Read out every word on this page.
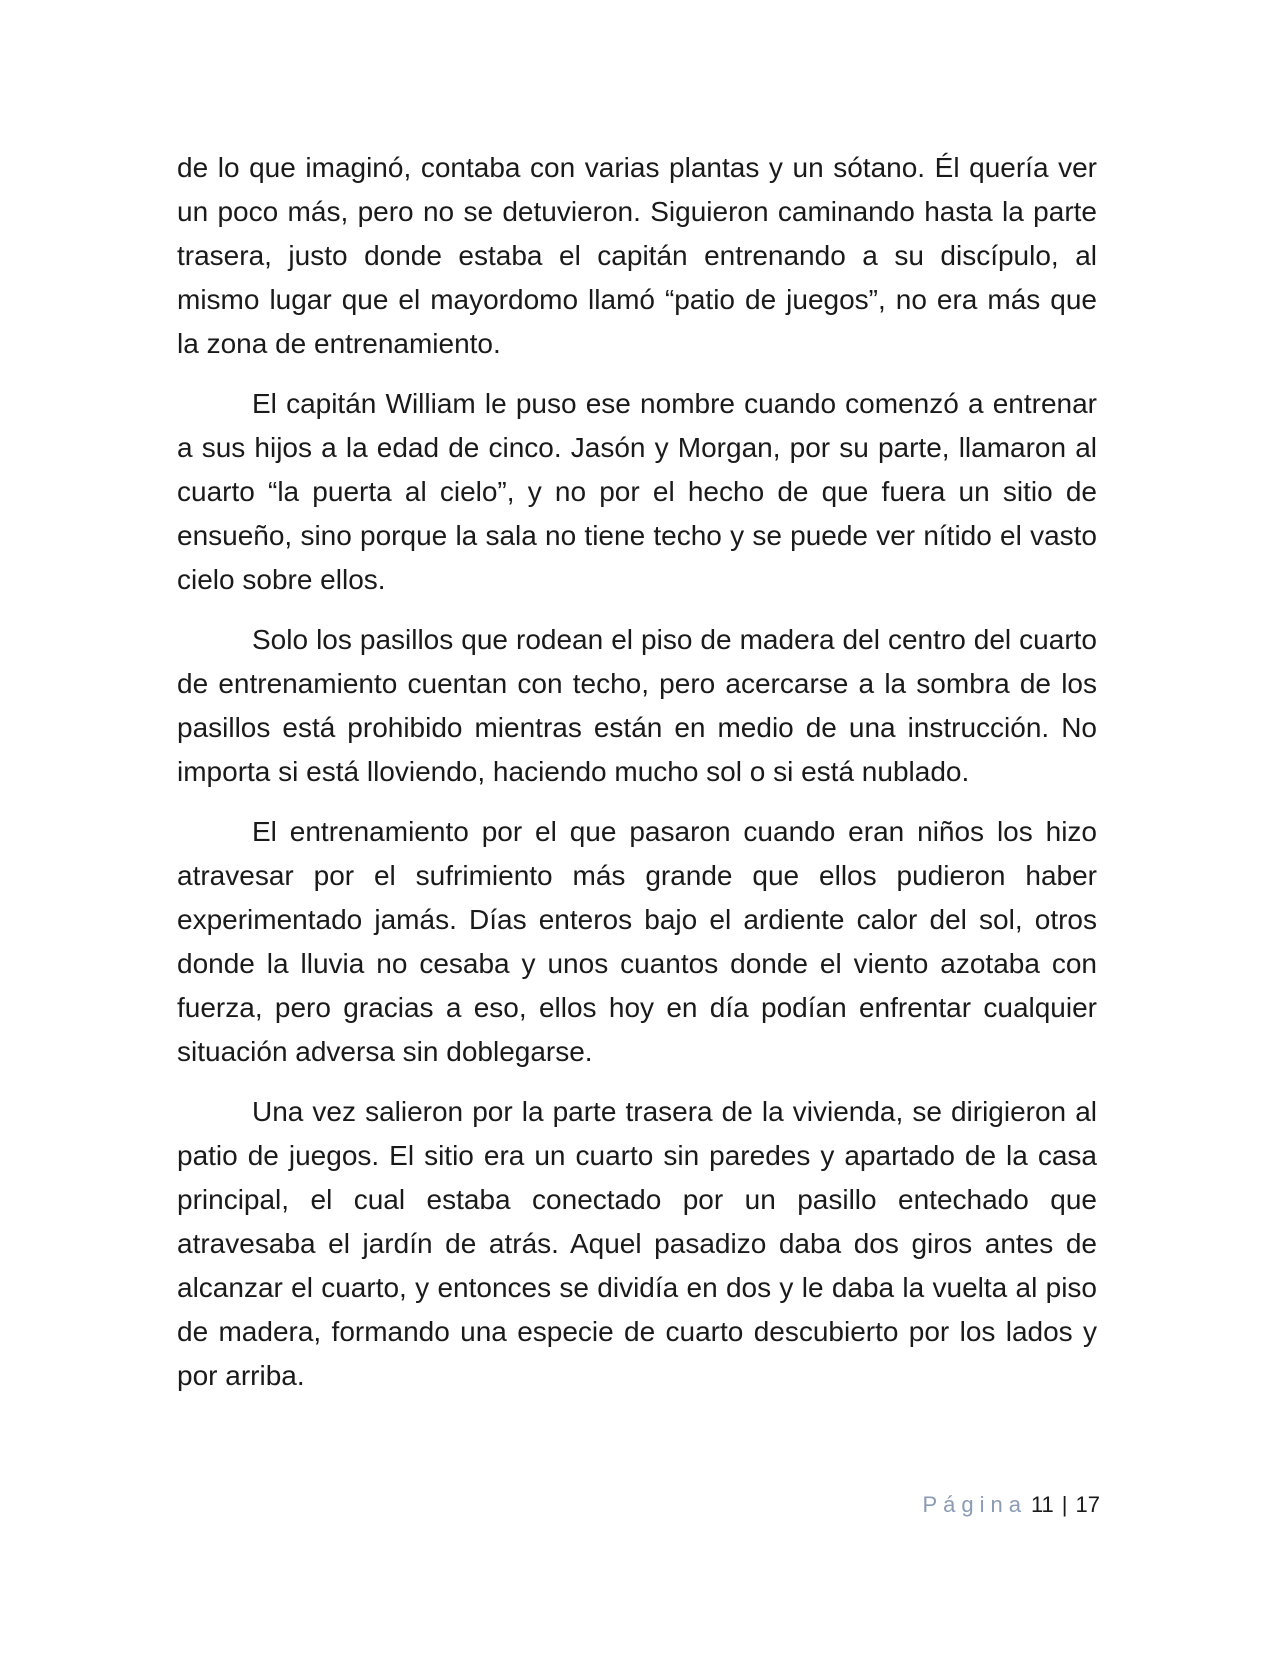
de lo que imaginó, contaba con varias plantas y un sótano. Él quería ver un poco más, pero no se detuvieron. Siguieron caminando hasta la parte trasera, justo donde estaba el capitán entrenando a su discípulo, al mismo lugar que el mayordomo llamó “patio de juegos”, no era más que la zona de entrenamiento.

El capitán William le puso ese nombre cuando comenzó a entrenar a sus hijos a la edad de cinco. Jasón y Morgan, por su parte, llamaron al cuarto “la puerta al cielo”, y no por el hecho de que fuera un sitio de ensueño, sino porque la sala no tiene techo y se puede ver nítido el vasto cielo sobre ellos.

Solo los pasillos que rodean el piso de madera del centro del cuarto de entrenamiento cuentan con techo, pero acercarse a la sombra de los pasillos está prohibido mientras están en medio de una instrucción. No importa si está lloviendo, haciendo mucho sol o si está nublado.

El entrenamiento por el que pasaron cuando eran niños los hizo atravesar por el sufrimiento más grande que ellos pudieron haber experimentado jamás. Días enteros bajo el ardiente calor del sol, otros donde la lluvia no cesaba y unos cuantos donde el viento azotaba con fuerza, pero gracias a eso, ellos hoy en día podían enfrentar cualquier situación adversa sin doblegarse.

Una vez salieron por la parte trasera de la vivienda, se dirigieron al patio de juegos. El sitio era un cuarto sin paredes y apartado de la casa principal, el cual estaba conectado por un pasillo entechado que atravesaba el jardín de atrás. Aquel pasadizo daba dos giros antes de alcanzar el cuarto, y entonces se dividía en dos y le daba la vuelta al piso de madera, formando una especie de cuarto descubierto por los lados y por arriba.

Página 11 | 17
